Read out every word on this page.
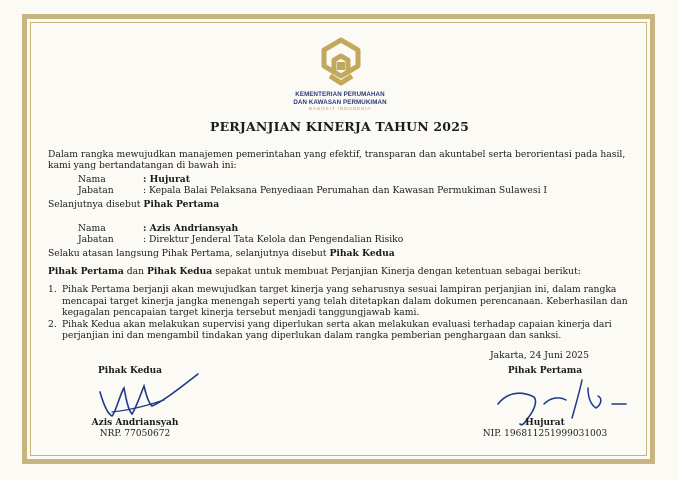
KEMENTERIAN PERUMAHAN
DAN KAWASAN PERMUKIMAN
BANGKIT INDONESIA
PERJANJIAN KINERJA TAHUN 2025
Dalam rangka mewujudkan manajemen pemerintahan yang efektif, transparan dan akuntabel serta berorientasi pada hasil,
kami yang bertandatangan di bawah ini:
Nama	: Hujurat
Jabatan	: Kepala Balai Pelaksana Penyediaan Perumahan dan Kawasan Permukiman Sulawesi I
Selanjutnya disebut Pihak Pertama
Nama	: Azis Andriansyah
Jabatan	: Direktur Jenderal Tata Kelola dan Pengendalian Risiko
Selaku atasan langsung Pihak Pertama, selanjutnya disebut Pihak Kedua
Pihak Pertama dan Pihak Kedua sepakat untuk membuat Perjanjian Kinerja dengan ketentuan sebagai berikut:
1. Pihak Pertama berjanji akan mewujudkan target kinerja yang seharusnya sesuai lampiran perjanjian ini, dalam rangka
mencapai target kinerja jangka menengah seperti yang telah ditetapkan dalam dokumen perencanaan. Keberhasilan dan
kegagalan pencapaian target kinerja tersebut menjadi tanggungjawab kami.
2. Pihak Kedua akan melakukan supervisi yang diperlukan serta akan melakukan evaluasi terhadap capaian kinerja dari
perjanjian ini dan mengambil tindakan yang diperlukan dalam rangka pemberian penghargaan dan sanksi.
Jakarta, 24 Juni 2025
Pihak Kedua
Azis Andriansyah
NRP. 77050672
Pihak Pertama
Hujurat
NIP. 196811251999031003
